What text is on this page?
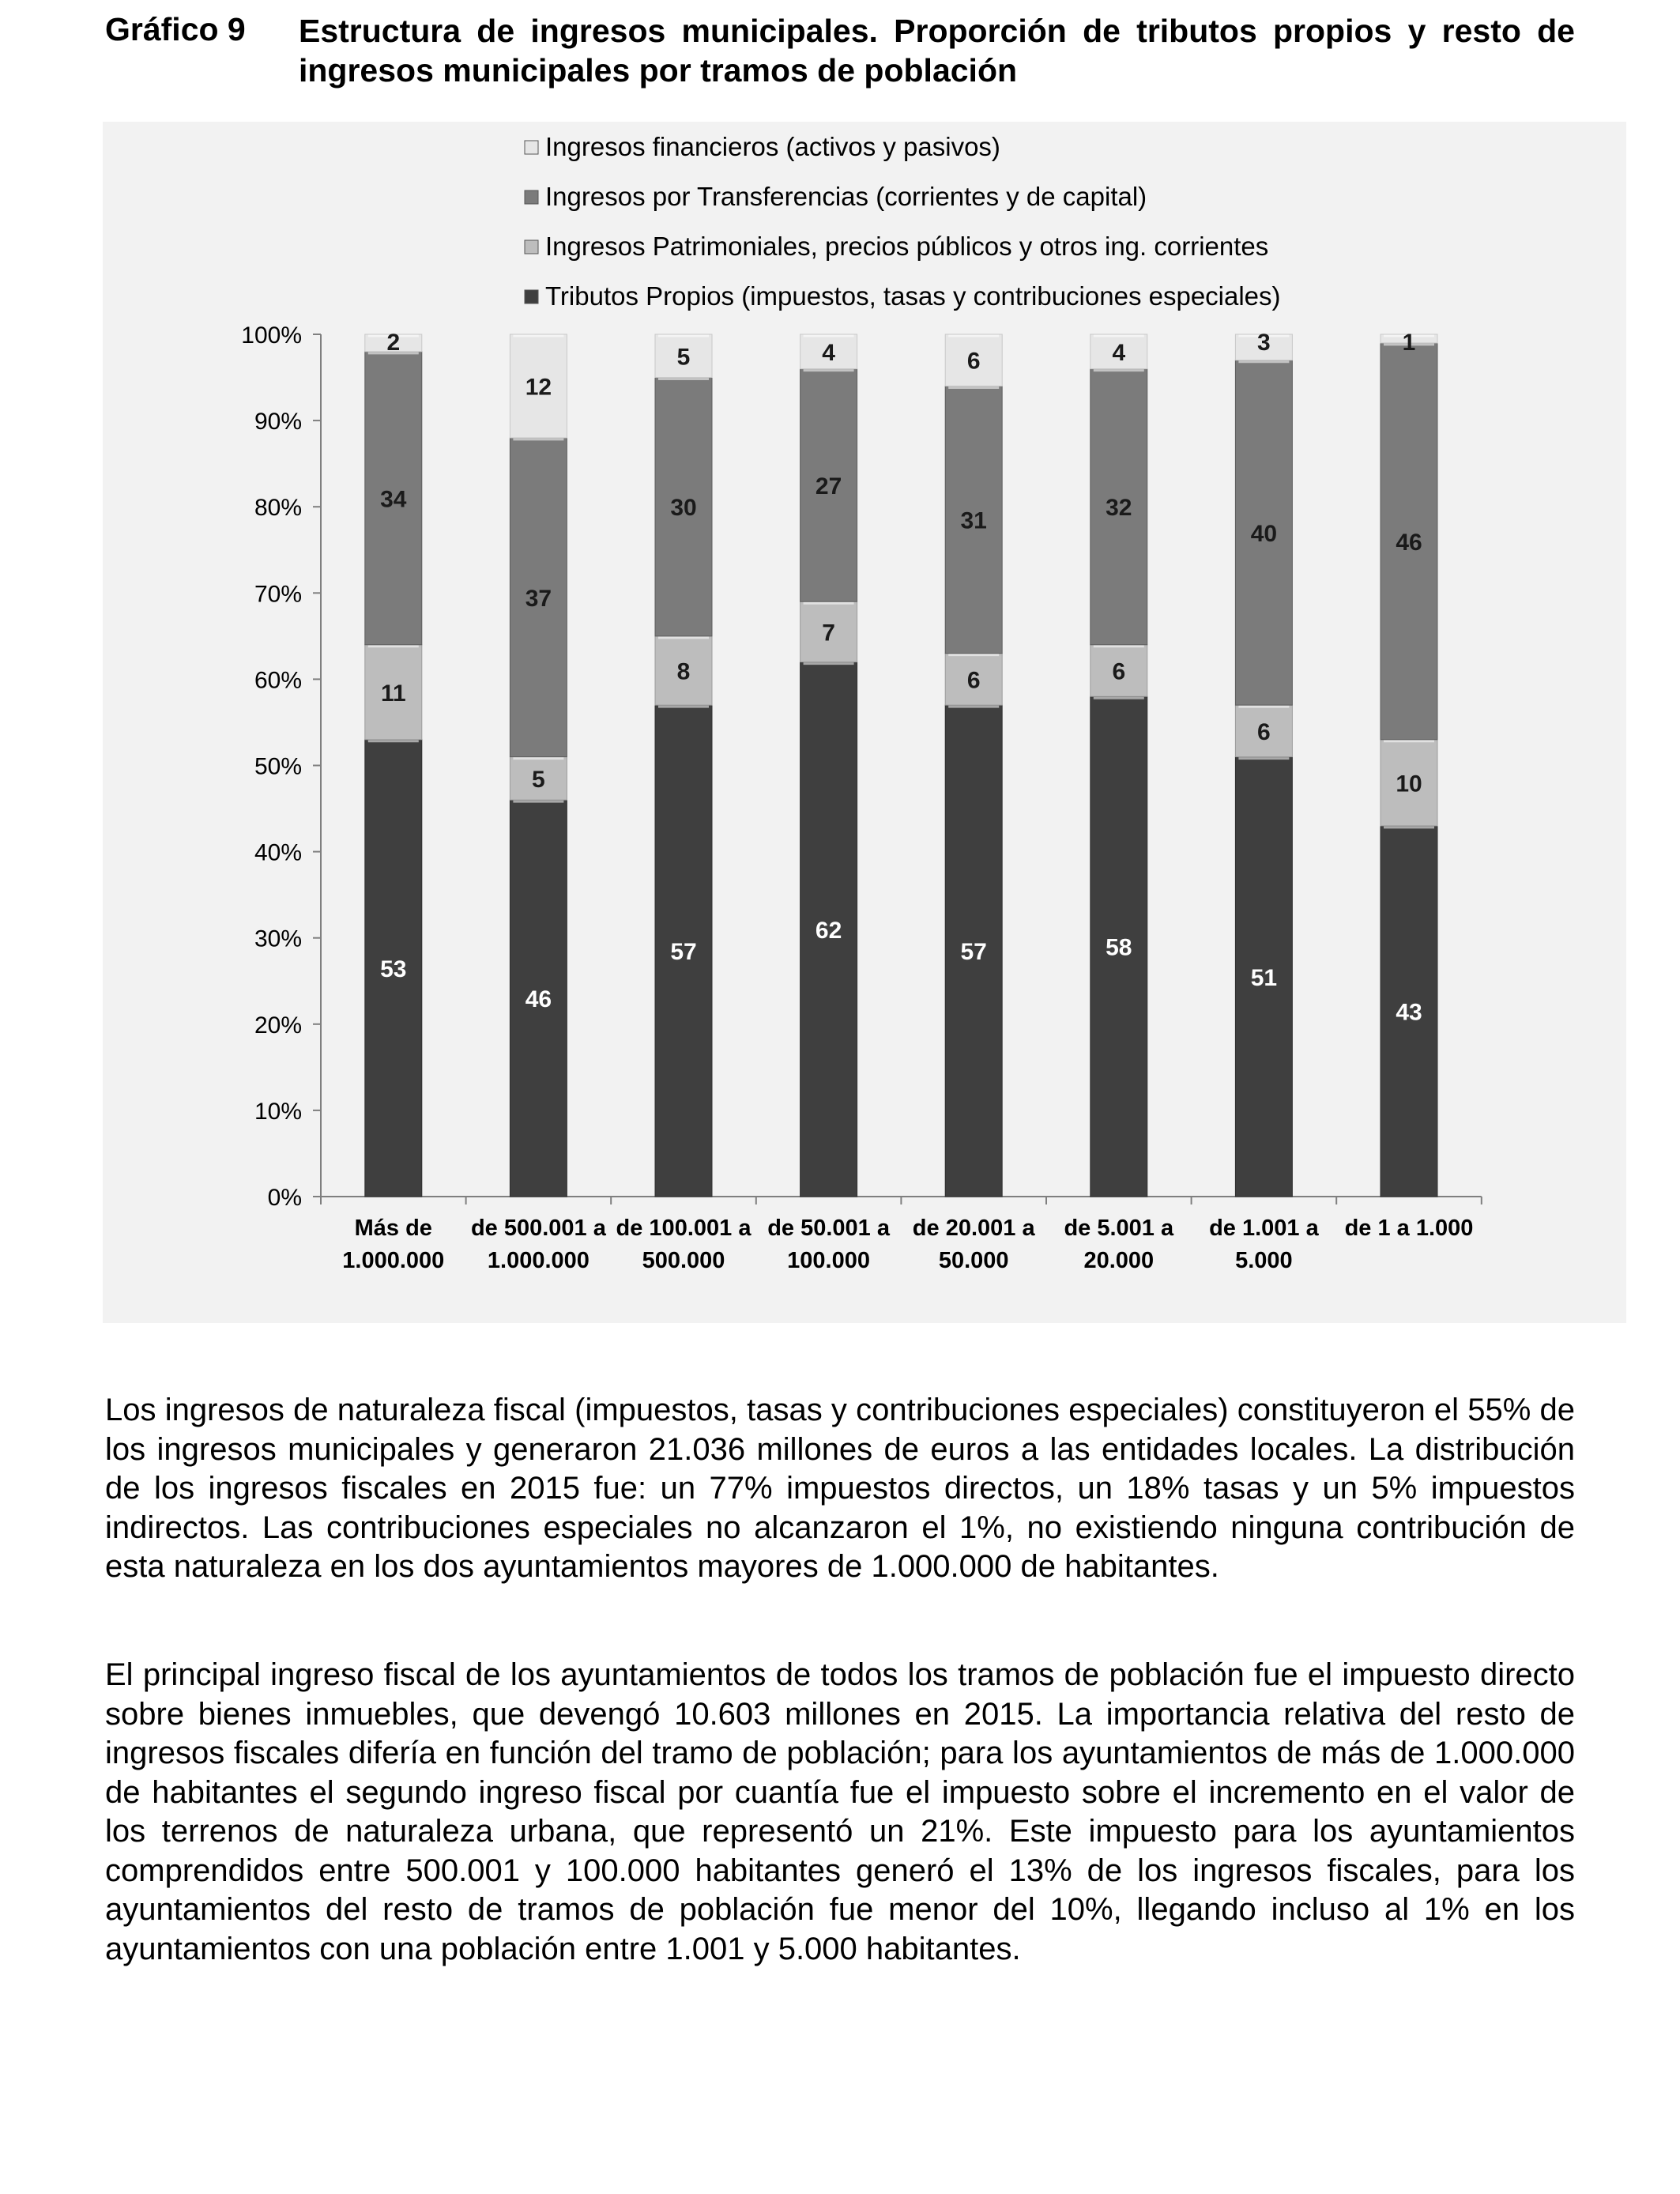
Gráfico 9 Estructura de ingresos municipales. Proporción de tributos propios y resto de ingresos municipales por tramos de población
0%
10%
20%
30%
40%
50%
60%
70%
80%
90%
100%
53
11
34
2
46
5
37
12
57
8
30
5
62
7
27
4
57
6
31
6
58
6
32
4
51
6
40
3
43
10
46
1
Más de
1.000.000
de 500.001 a
1.000.000
de 100.001 a
500.000
de 50.001 a
100.000
de 20.001 a
50.000
de 5.001 a
20.000
de 1.001 a
5.000
de 1 a 1.000
Ingresos financieros (activos y pasivos)
Ingresos por Transferencias (corrientes y de capital)
Ingresos Patrimoniales, precios públicos y otros ing. corrientes
Tributos Propios (impuestos, tasas y contribuciones especiales)

Los ingresos de naturaleza fiscal (impuestos, tasas y contribuciones especiales) constituyeron el 55% de los ingresos municipales y generaron 21.036 millones de euros a las entidades locales. La distribución de los ingresos fiscales en 2015 fue: un 77% impuestos directos, un 18% tasas y un 5% impuestos indirectos. Las contribuciones especiales no alcanzaron el 1%, no existiendo ninguna contribución de esta naturaleza en los dos ayuntamientos mayores de 1.000.000 de habitantes.

El principal ingreso fiscal de los ayuntamientos de todos los tramos de población fue el impuesto directo sobre bienes inmuebles, que devengó 10.603 millones en 2015. La importancia relativa del resto de ingresos fiscales difería en función del tramo de población; para los ayuntamientos de más de 1.000.000 de habitantes el segundo ingreso fiscal por cuantía fue el impuesto sobre el incremento en el valor de los terrenos de naturaleza urbana, que representó un 21%. Este impuesto para los ayuntamientos comprendidos entre 500.001 y 100.000 habitantes generó el 13% de los ingresos fiscales, para los ayuntamientos del resto de tramos de población fue menor del 10%, llegando incluso al 1% en los ayuntamientos con una población entre 1.001 y 5.000 habitantes.
